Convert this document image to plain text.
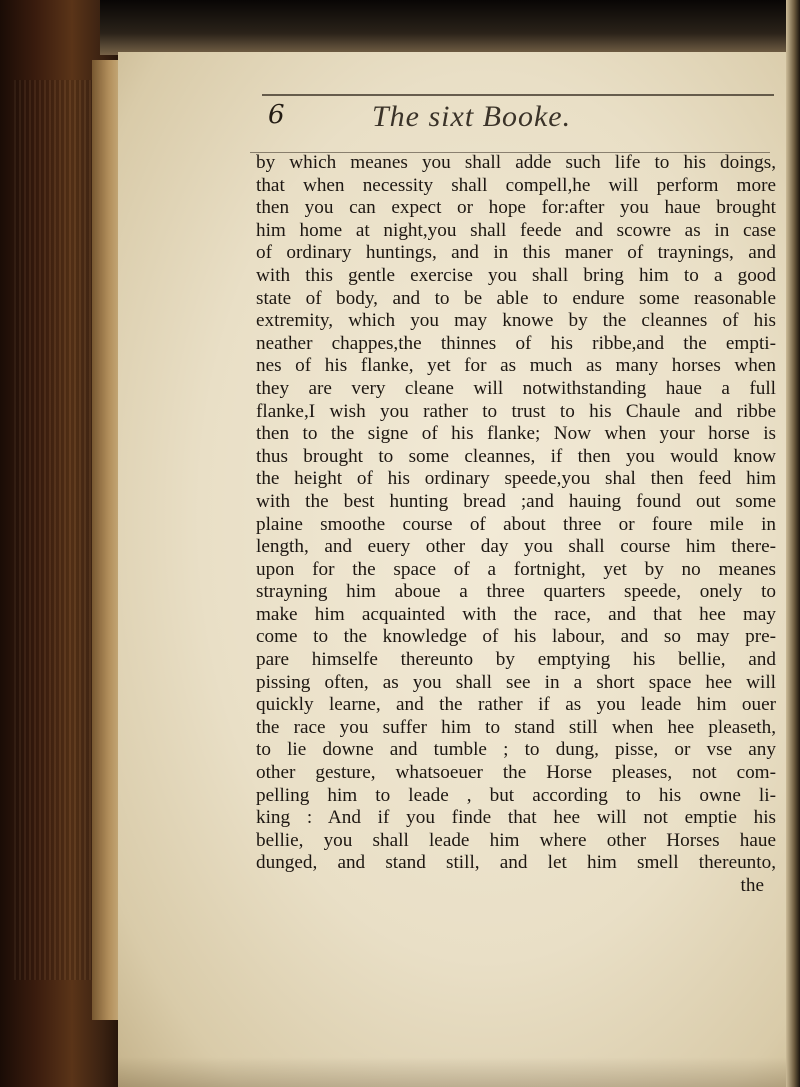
6	The sixt Booke.
by which meanes you shall adde such life to his doings,
that when necessity shall compell,he will perform more
then you can expect or hope for:after you haue brought
him home at night,you shall feede and scowre as in case
of ordinary huntings, and in this maner of traynings, and
with this gentle exercise you shall bring him to a good
state of body, and to be able to endure some reasonable
extremity, which you may knowe by the cleannes of his
neather chappes,the thinnes of his ribbe,and the empti-
nes of his flanke, yet for as much as many horses when
they are very cleane will notwithstanding haue a full
flanke,I wish you rather to trust to his Chaule and ribbe
then to the signe of his flanke; Now when your horse is
thus brought to some cleannes, if then you would know
the height of his ordinary speede,you shal then feed him
with the best hunting bread ;and hauing found out some
plaine smoothe course of about three or foure mile in
length, and euery other day you shall course him there-
upon for the space of a fortnight, yet by no meanes
strayning him aboue a three quarters speede, onely to
make him acquainted with the race, and that hee may
come to the knowledge of his labour, and so may pre-
pare himselfe thereunto by emptying his bellie, and
pissing often, as you shall see in a short space hee will
quickly learne, and the rather if as you leade him ouer
the race you suffer him to stand still when hee pleaseth,
to lie downe and tumble ; to dung, pisse, or vse any
other gesture, whatsoeuer the Horse pleases, not com-
pelling him to leade , but according to his owne li-
king : And if you finde that hee will not emptie his
bellie, you shall leade him where other Horses haue
dunged, and stand still, and let him smell thereunto,
the
